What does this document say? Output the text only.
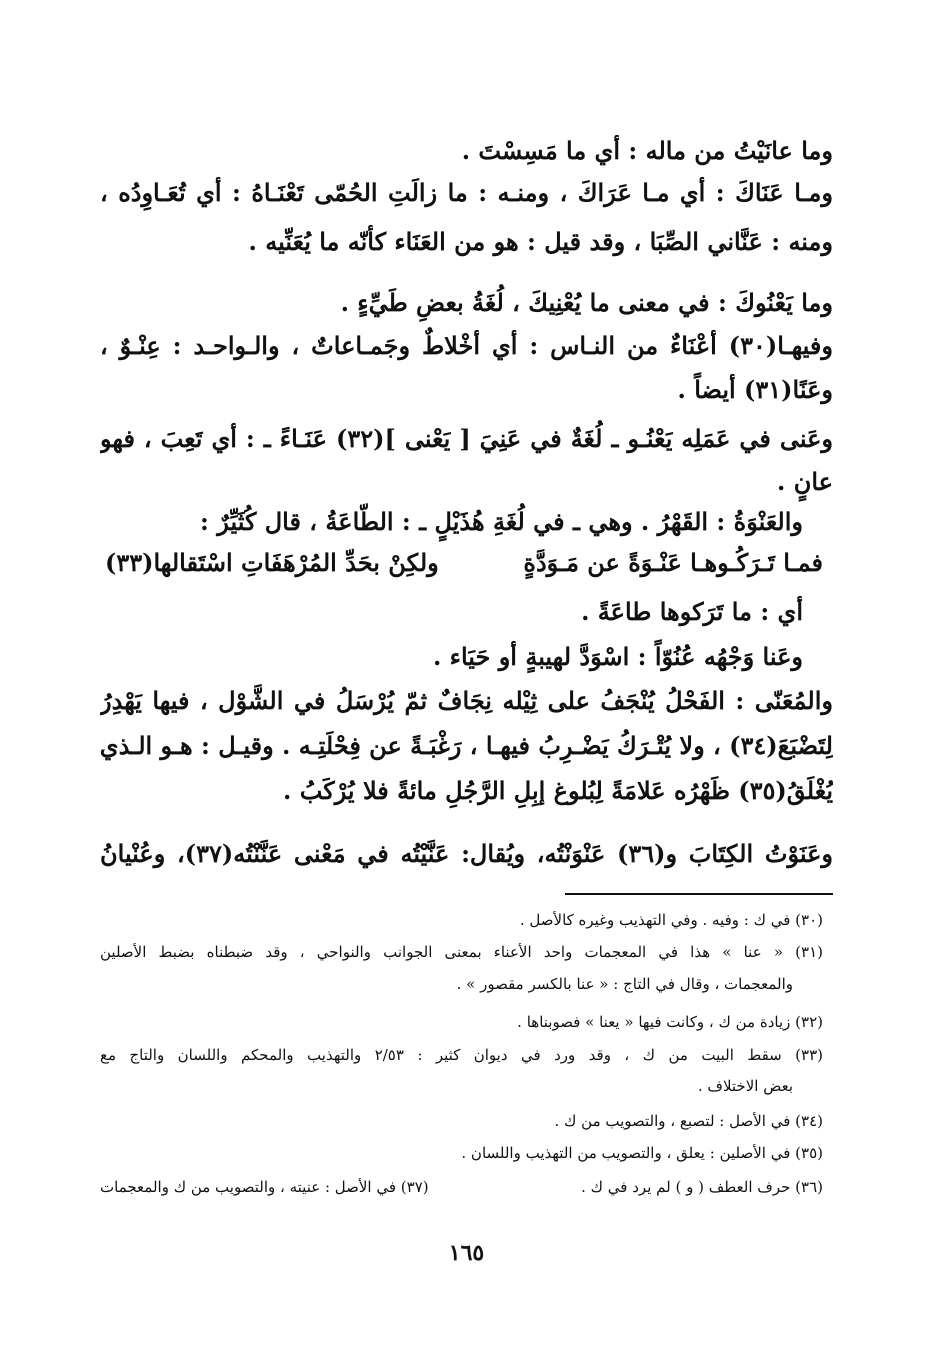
وما عانَيْتُ من ماله : أي ما مَسِسْتَ .
ومـا عَنَاكَ : أي مـا عَرَاكَ ، ومنـه : ما زالَتِ الحُمّى تَعْنَـاهُ : أي تُعَـاوِدُه ،
ومنه : عَنَّاني الصِّبَا ، وقد قيل : هو من العَنَاء كأنّه ما يُعَنِّيه .
وما يَعْنُوكَ : في معنى ما يُعْنِيكَ ، لُغَةُ بعضِ طَيِّءٍ .
وفيهـا(٣٠) أعْنَاءٌ من النـاس : أي أخْلاطٌ وجَمـاعاتٌ ، والـواحـد : عِنْـوٌ ،
وعَنًا(٣١) أيضاً .
وعَنى في عَمَلِه يَعْنُـو ـ لُغَةٌ في عَنِيَ [ يَعْنى ](٣٢) عَنَـاءً ـ : أي تَعِبَ ، فهو
عانٍ .
والعَنْوَةُ : القَهْرُ . وهي ـ في لُغَةِ هُذَيْلٍ ـ : الطّاعَةُ ، قال كُثَيِّرٌ :
فمـا تَـرَكُـوهـا عَنْـوَةً عن مَـوَدَّةٍ
ولكِنْ بحَدِّ المُرْهَفَاتِ اسْتَقالها(٣٣)
أي : ما تَرَكوها طاعَةً .
وعَنا وَجْهُه عُنُوّاً : اسْوَدَّ لهيبةٍ أو حَيَاء .
والمُعَنّى : الفَحْلُ يُنْجَفُ على ثِيْله نِجَافٌ ثمّ يُرْسَلُ في الشَّوْل ، فيها يَهْدِرُ
لِتَضْبَعَ(٣٤) ، ولا يُتْـرَكُ يَضْـرِبُ فيهـا ، رَغْبَـةً عن فِحْلَتِـه . وقيـل : هـو الـذي
يُغْلَقُ(٣٥) ظَهْرُه عَلامَةً لِبُلوغ إبِلِ الرَّجُلِ مائةً فلا يُرْكَبُ .
وعَنَوْتُ الكِتَابَ و(٣٦) عَنْوَنْتُه، ويُقال: عَنَّيْتُه في مَعْنى عَنَّنْتُه(٣٧)، وعُنْيانُ
(٣٠) في ك : وفيه . وفي التهذيب وغيره كالأصل .
(٣١) « عنا » هذا في المعجمات واحد الأعناء بمعنى الجوانب والنواحي ، وقد ضبطناه بضبط الأصلين
والمعجمات ، وقال في التاج : « عنا بالكسر مقصور » .
(٣٢) زيادة من ك ، وكانت فيها « يعنا » فصوبناها .
(٣٣) سقط البيت من ك ، وقد ورد في ديوان كثير : ٢/٥٣ والتهذيب والمحكم واللسان والتاج مع
بعض الاختلاف .
(٣٤) في الأصل : لتصبع ، والتصويب من ك .
(٣٥) في الأصلين : يعلق ، والتصويب من التهذيب واللسان .
(٣٦) حرف العطف ( و ) لم يرد في ك .
(٣٧) في الأصل : عنيته ، والتصويب من ك والمعجمات
١٦٥
